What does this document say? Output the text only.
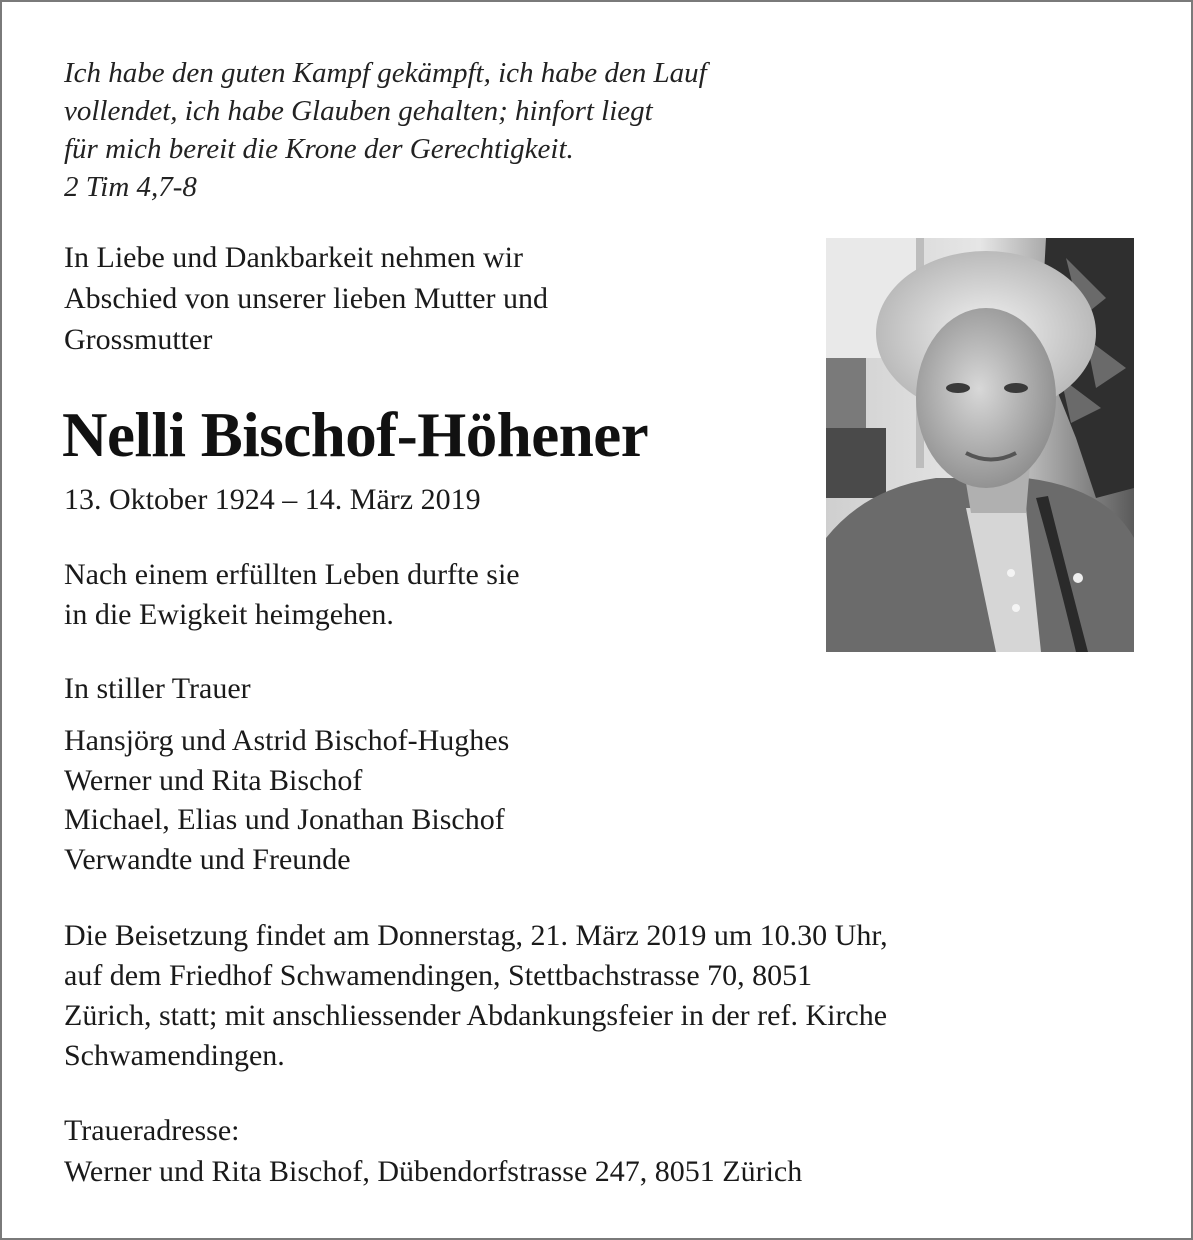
Ich habe den guten Kampf gekämpft, ich habe den Lauf
vollendet, ich habe Glauben gehalten; hinfort liegt
für mich bereit die Krone der Gerechtigkeit.
2 Tim 4,7-8
In Liebe und Dankbarkeit nehmen wir
Abschied von unserer lieben Mutter und
Grossmutter
Nelli Bischof-Höhener
13. Oktober 1924 – 14. März 2019
Nach einem erfüllten Leben durfte sie
in die Ewigkeit heimgehen.
In stiller Trauer
Hansjörg und Astrid Bischof-Hughes
Werner und Rita Bischof
Michael, Elias und Jonathan Bischof
Verwandte und Freunde
Die Beisetzung findet am Donnerstag, 21. März 2019 um 10.30 Uhr,
auf dem Friedhof Schwamendingen, Stettbachstrasse 70, 8051
Zürich, statt; mit anschliessender Abdankungsfeier in der ref. Kirche
Schwamendingen.
Traueradresse:
Werner und Rita Bischof, Dübendorfstrasse 247, 8051 Zürich
